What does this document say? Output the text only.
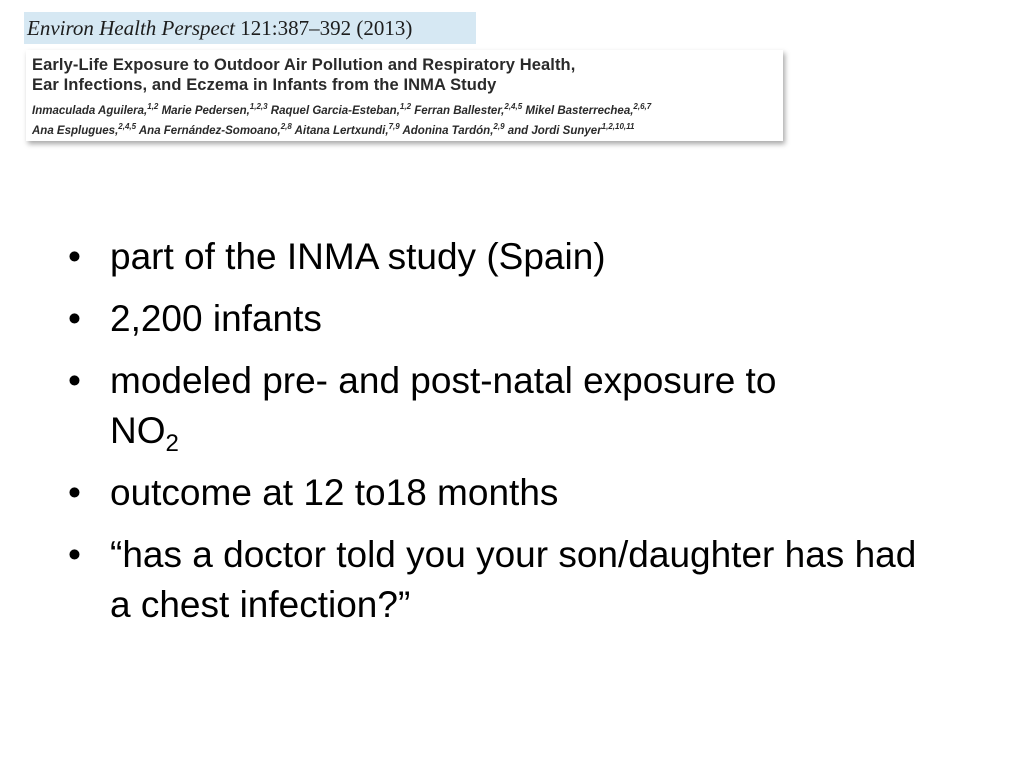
Environ Health Perspect 121:387–392 (2013)
Early-Life Exposure to Outdoor Air Pollution and Respiratory Health,
Ear Infections, and Eczema in Infants from the INMA Study
Inmaculada Aguilera,$^{1,2}$ Marie Pedersen,$^{1,2,3}$ Raquel Garcia-Esteban,$^{1,2}$ Ferran Ballester,$^{2,4,5}$ Mikel Basterrechea,$^{2,6,7}$
Ana Esplugues,$^{2,4,5}$ Ana Fernández-Somoano,$^{2,8}$ Aitana Lertxundi,$^{7,9}$ Adonina Tardón,$^{2,9}$ and Jordi Sunyer$^{1,2,10,11}$
• part of the INMA study (Spain)
• 2,200 infants
• modeled pre- and post-natal exposure to
$NO_2$
• outcome at 12 to18 months
• “has a doctor told you your son/daughter has had a chest infection?”
